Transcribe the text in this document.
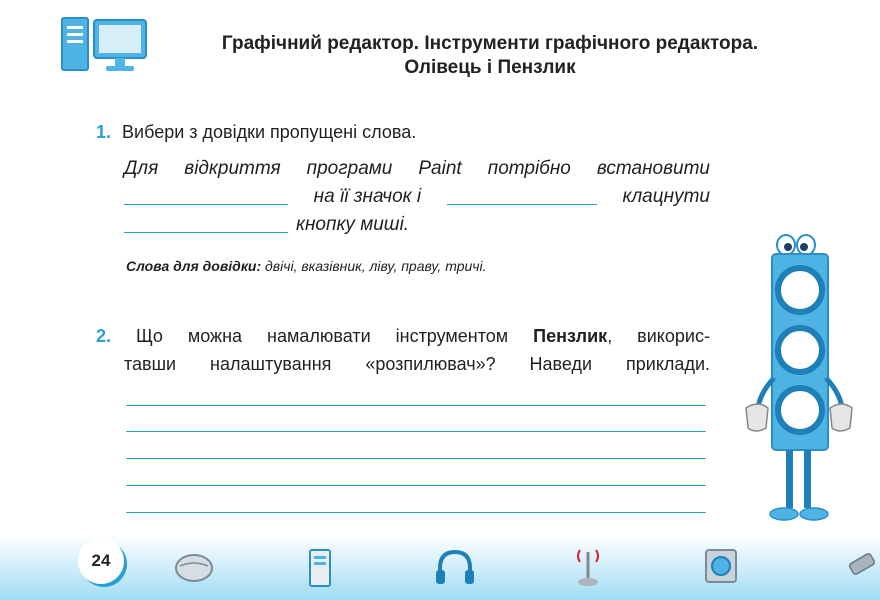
Графічний редактор. Інструменти графічного редактора.
Олівець і Пензлик
1. Вибери з довідки пропущені слова.
Для відкриття програми Paint потрібно встановити
на її значок і	клацнути
кнопку миші.
Слова для довідки: двічі, вказівник, ліву, праву, тричі.
2. Що можна намалювати інструментом Пензлик, викорис-
тавши налаштування «розпилювач»? Наведи приклади.
24
